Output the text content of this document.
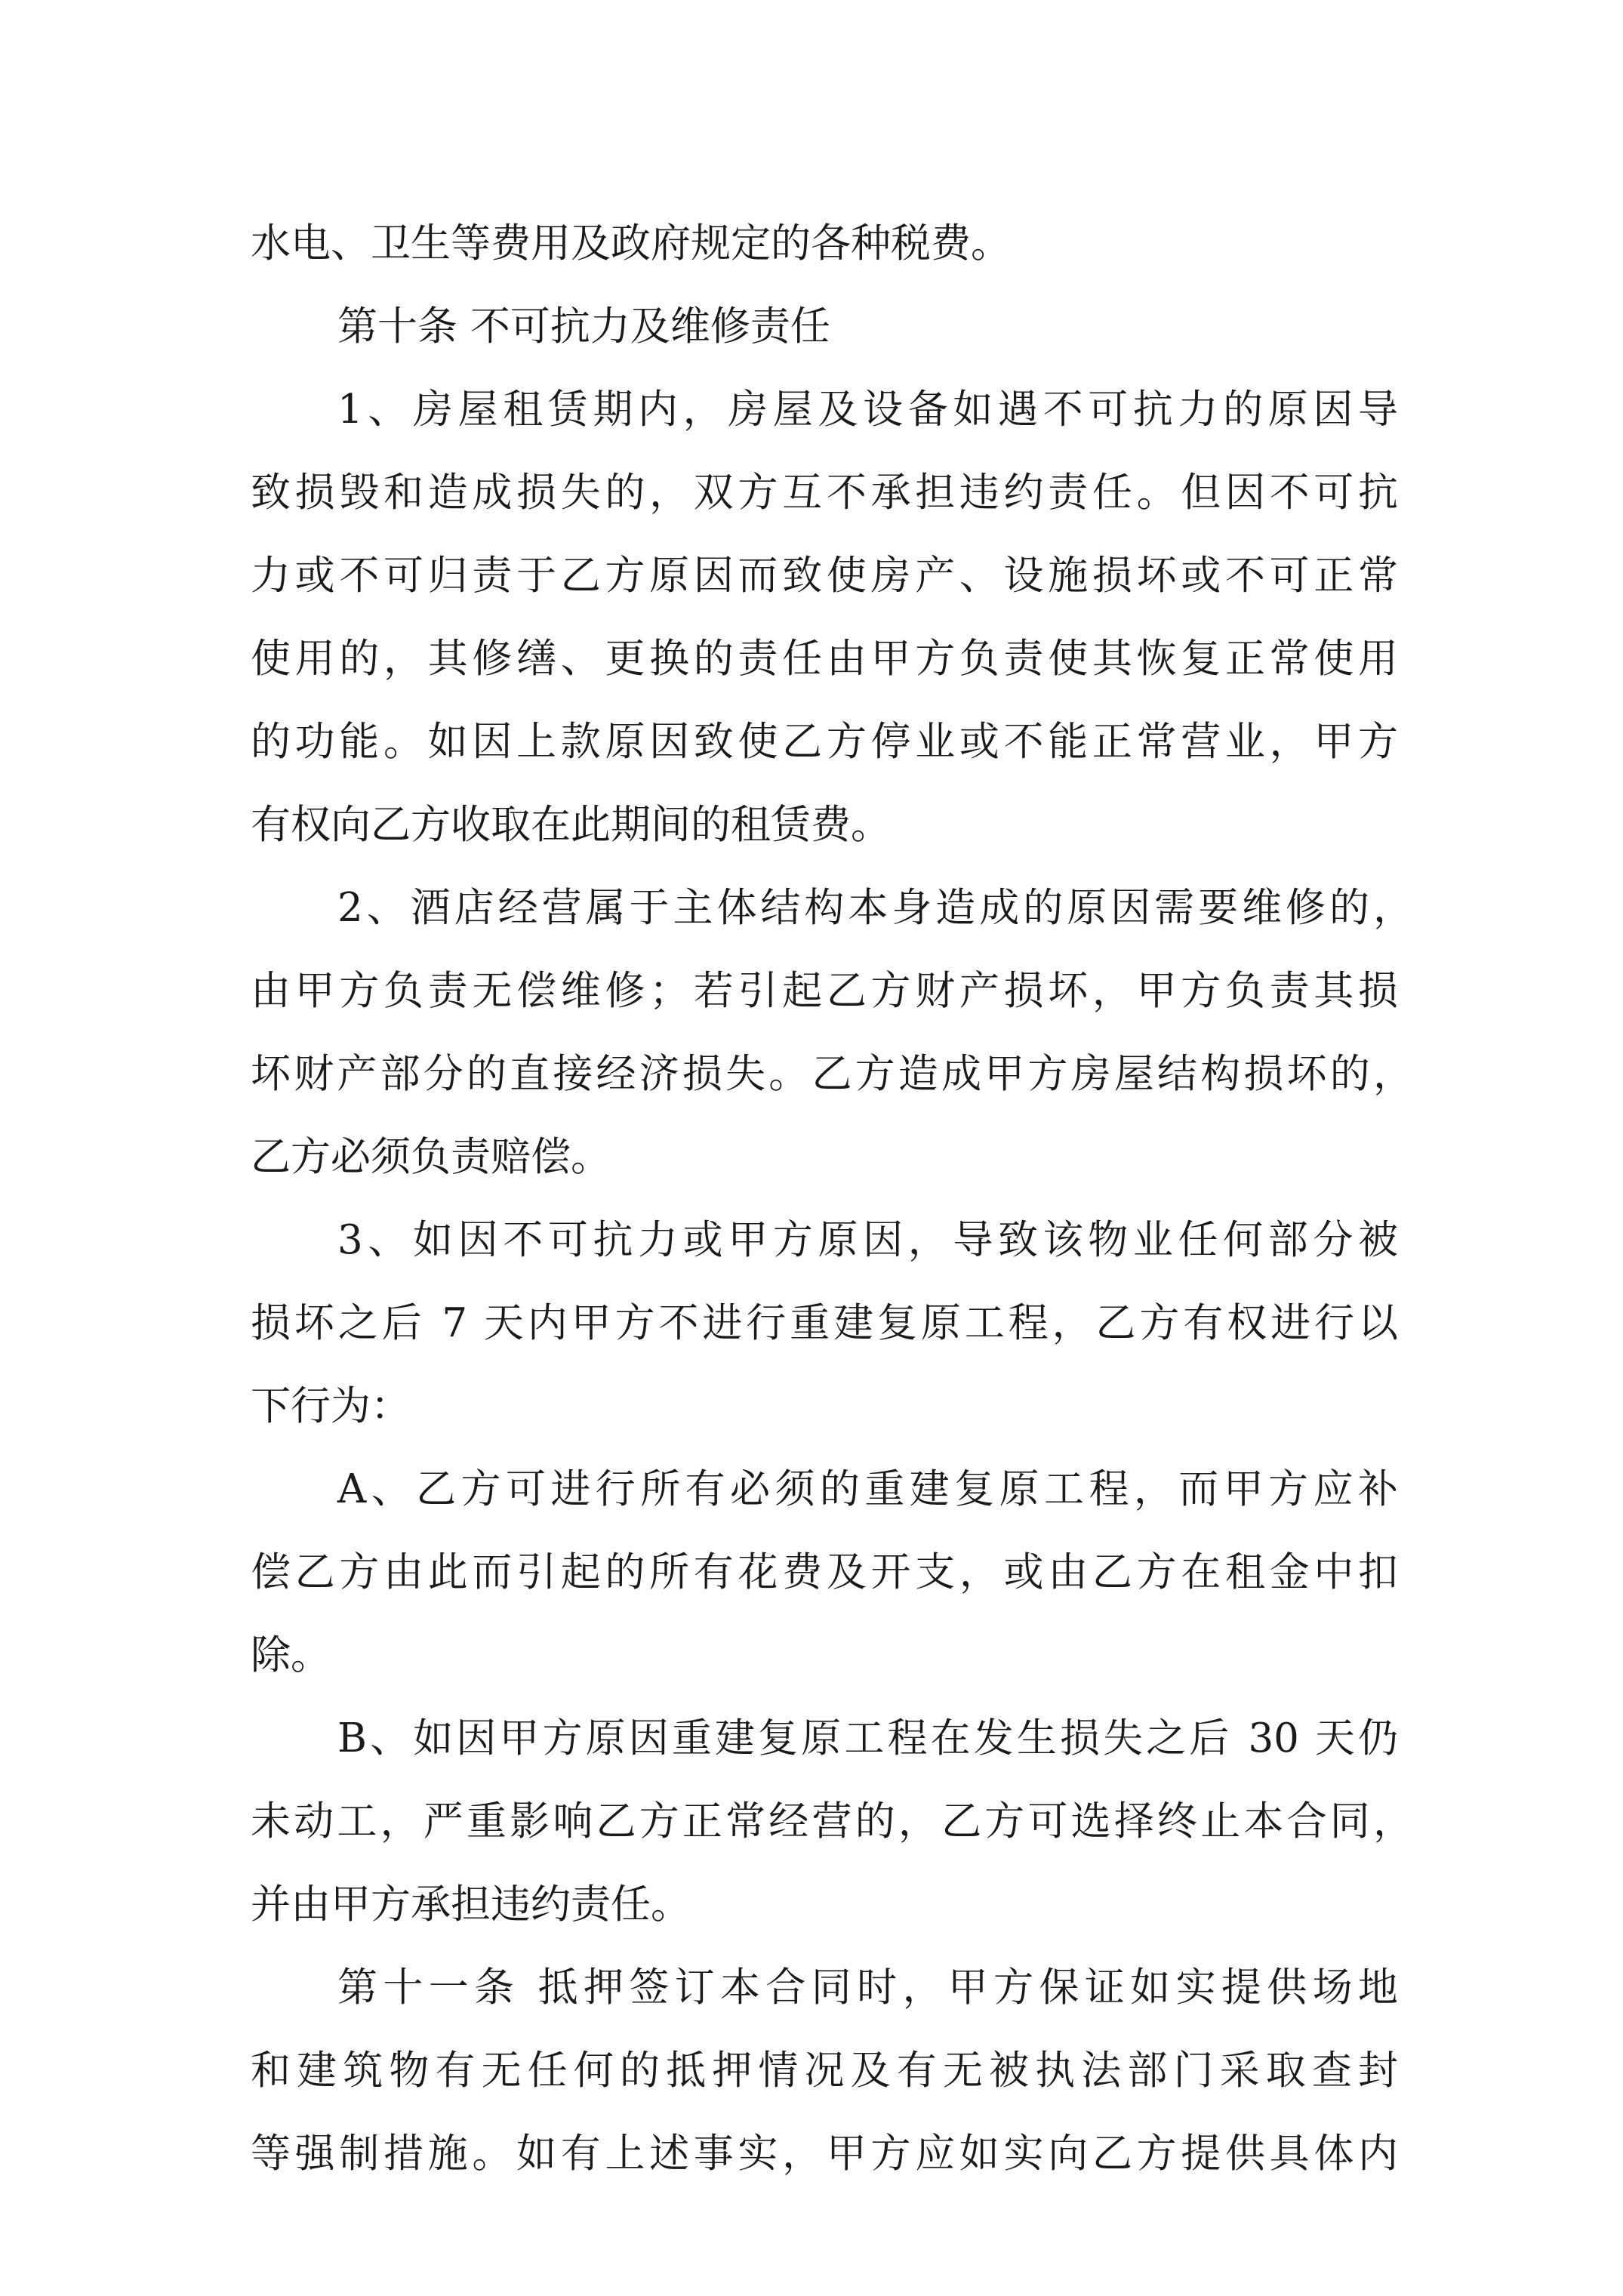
水电、卫生等费用及政府规定的各种税费。

第十条 不可抗力及维修责任

1、房屋租赁期内，房屋及设备如遇不可抗力的原因导

致损毁和造成损失的，双方互不承担违约责任。但因不可抗

力或不可归责于乙方原因而致使房产、设施损坏或不可正常

使用的，其修缮、更换的责任由甲方负责使其恢复正常使用

的功能。如因上款原因致使乙方停业或不能正常营业，甲方

有权向乙方收取在此期间的租赁费。

2、酒店经营属于主体结构本身造成的原因需要维修的，

由甲方负责无偿维修；若引起乙方财产损坏，甲方负责其损

坏财产部分的直接经济损失。乙方造成甲方房屋结构损坏的，

乙方必须负责赔偿。

3、如因不可抗力或甲方原因，导致该物业任何部分被

损坏之后 7 天内甲方不进行重建复原工程，乙方有权进行以

下行为：

A、乙方可进行所有必须的重建复原工程，而甲方应补

偿乙方由此而引起的所有花费及开支，或由乙方在租金中扣

除。

B、如因甲方原因重建复原工程在发生损失之后 30 天仍

未动工，严重影响乙方正常经营的，乙方可选择终止本合同，

并由甲方承担违约责任。

第十一条 抵押签订本合同时，甲方保证如实提供场地

和建筑物有无任何的抵押情况及有无被执法部门采取查封

等强制措施。如有上述事实，甲方应如实向乙方提供具体内
